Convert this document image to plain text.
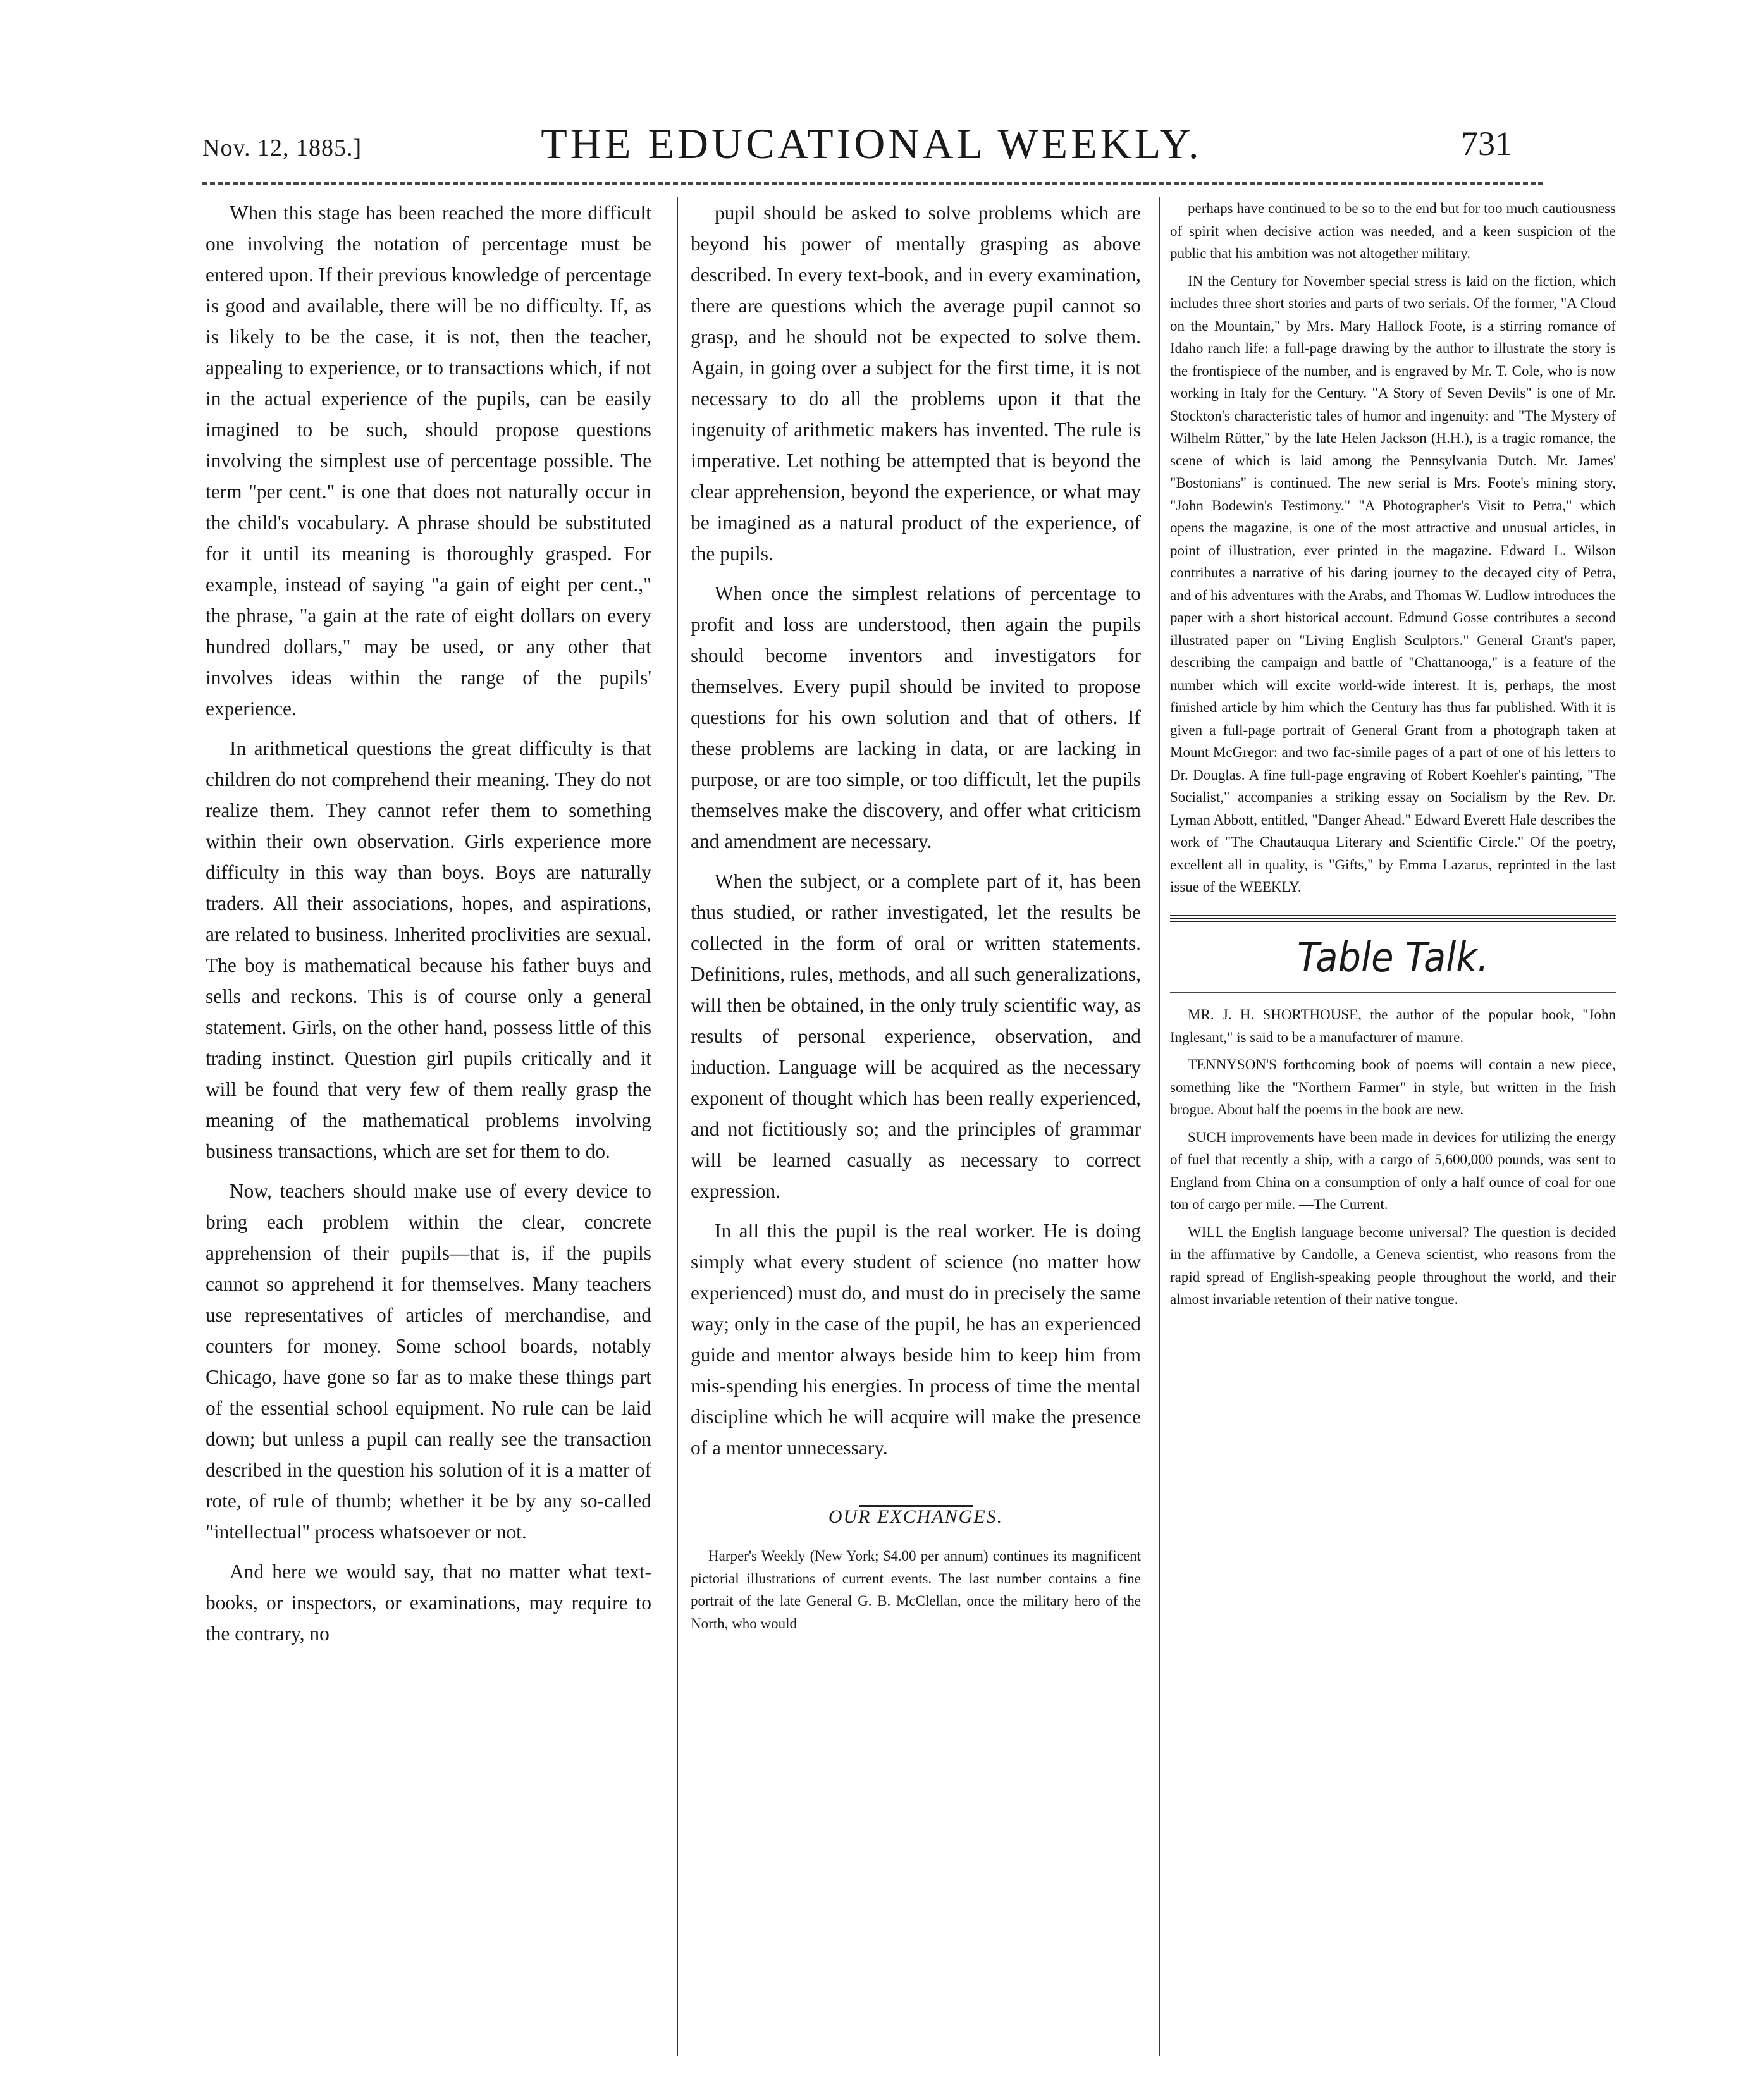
Nov. 12, 1885.]	THE EDUCATIONAL WEEKLY.	731

When this stage has been reached the more difficult one involving the notation of percentage must be entered upon. If their previous knowledge of percentage is good and available, there will be no difficulty. If, as is likely to be the case, it is not, then the teacher, appealing to experience, or to transactions which, if not in the actual experience of the pupils, can be easily imagined to be such, should propose questions involving the simplest use of percentage possible. The term "per cent." is one that does not naturally occur in the child's vocabulary. A phrase should be substituted for it until its meaning is thoroughly grasped. For example, instead of saying "a gain of eight per cent.," the phrase, "a gain at the rate of eight dollars on every hundred dollars," may be used, or any other that involves ideas within the range of the pupils' experience.

In arithmetical questions the great difficulty is that children do not comprehend their meaning. They do not realize them. They cannot refer them to something within their own observation. Girls experience more difficulty in this way than boys. Boys are naturally traders. All their associations, hopes, and aspirations, are related to business. Inherited proclivities are sexual. The boy is mathematical because his father buys and sells and reckons. This is of course only a general statement. Girls, on the other hand, possess little of this trading instinct. Question girl pupils critically and it will be found that very few of them really grasp the meaning of the mathematical problems involving business transactions, which are set for them to do.

Now, teachers should make use of every device to bring each problem within the clear, concrete apprehension of their pupils—that is, if the pupils cannot so apprehend it for themselves. Many teachers use representatives of articles of merchandise, and counters for money. Some school boards, notably Chicago, have gone so far as to make these things part of the essential school equipment. No rule can be laid down; but unless a pupil can really see the transaction described in the question his solution of it is a matter of rote, of rule of thumb; whether it be by any so-called "intellectual" process whatsoever or not.

And here we would say, that no matter what text-books, or inspectors, or examinations, may require to the contrary, no

pupil should be asked to solve problems which are beyond his power of mentally grasping as above described. In every text-book, and in every examination, there are questions which the average pupil cannot so grasp, and he should not be expected to solve them. Again, in going over a subject for the first time, it is not necessary to do all the problems upon it that the ingenuity of arithmetic makers has invented. The rule is imperative. Let nothing be attempted that is beyond the clear apprehension, beyond the experience, or what may be imagined as a natural product of the experience, of the pupils.

When once the simplest relations of percentage to profit and loss are understood, then again the pupils should become inventors and investigators for themselves. Every pupil should be invited to propose questions for his own solution and that of others. If these problems are lacking in data, or are lacking in purpose, or are too simple, or too difficult, let the pupils themselves make the discovery, and offer what criticism and amendment are necessary.

When the subject, or a complete part of it, has been thus studied, or rather investigated, let the results be collected in the form of oral or written statements. Definitions, rules, methods, and all such generalizations, will then be obtained, in the only truly scientific way, as results of personal experience, observation, and induction. Language will be acquired as the necessary exponent of thought which has been really experienced, and not fictitiously so; and the principles of grammar will be learned casually as necessary to correct expression.

In all this the pupil is the real worker. He is doing simply what every student of science (no matter how experienced) must do, and must do in precisely the same way; only in the case of the pupil, he has an experienced guide and mentor always beside him to keep him from mis-spending his energies. In process of time the mental discipline which he will acquire will make the presence of a mentor unnecessary.

OUR EXCHANGES.

Harper's Weekly (New York; $4.00 per annum) continues its magnificent pictorial illustrations of current events. The last number contains a fine portrait of the late General G. B. McClellan, once the military hero of the North, who would

perhaps have continued to be so to the end but for too much cautiousness of spirit when decisive action was needed, and a keen suspicion of the public that his ambition was not altogether military.

IN the Century for November special stress is laid on the fiction, which includes three short stories and parts of two serials. Of the former, "A Cloud on the Mountain," by Mrs. Mary Hallock Foote, is a stirring romance of Idaho ranch life: a full-page drawing by the author to illustrate the story is the frontispiece of the number, and is engraved by Mr. T. Cole, who is now working in Italy for the Century. "A Story of Seven Devils" is one of Mr. Stockton's characteristic tales of humor and ingenuity: and "The Mystery of Wilhelm Rütter," by the late Helen Jackson (H.H.), is a tragic romance, the scene of which is laid among the Pennsylvania Dutch. Mr. James' "Bostonians" is continued. The new serial is Mrs. Foote's mining story, "John Bodewin's Testimony." "A Photographer's Visit to Petra," which opens the magazine, is one of the most attractive and unusual articles, in point of illustration, ever printed in the magazine. Edward L. Wilson contributes a narrative of his daring journey to the decayed city of Petra, and of his adventures with the Arabs, and Thomas W. Ludlow introduces the paper with a short historical account. Edmund Gosse contributes a second illustrated paper on "Living English Sculptors." General Grant's paper, describing the campaign and battle of "Chattanooga," is a feature of the number which will excite world-wide interest. It is, perhaps, the most finished article by him which the Century has thus far published. With it is given a full-page portrait of General Grant from a photograph taken at Mount McGregor: and two fac-simile pages of a part of one of his letters to Dr. Douglas. A fine full-page engraving of Robert Koehler's painting, "The Socialist," accompanies a striking essay on Socialism by the Rev. Dr. Lyman Abbott, entitled, "Danger Ahead." Edward Everett Hale describes the work of "The Chautauqua Literary and Scientific Circle." Of the poetry, excellent all in quality, is "Gifts," by Emma Lazarus, reprinted in the last issue of the WEEKLY.

Table Talk.

MR. J. H. SHORTHOUSE, the author of the popular book, "John Inglesant," is said to be a manufacturer of manure.

TENNYSON'S forthcoming book of poems will contain a new piece, something like the "Northern Farmer" in style, but written in the Irish brogue. About half the poems in the book are new.

SUCH improvements have been made in devices for utilizing the energy of fuel that recently a ship, with a cargo of 5,600,000 pounds, was sent to England from China on a consumption of only a half ounce of coal for one ton of cargo per mile. —The Current.

WILL the English language become universal? The question is decided in the affirmative by Candolle, a Geneva scientist, who reasons from the rapid spread of English-speaking people throughout the world, and their almost invariable retention of their native tongue.
